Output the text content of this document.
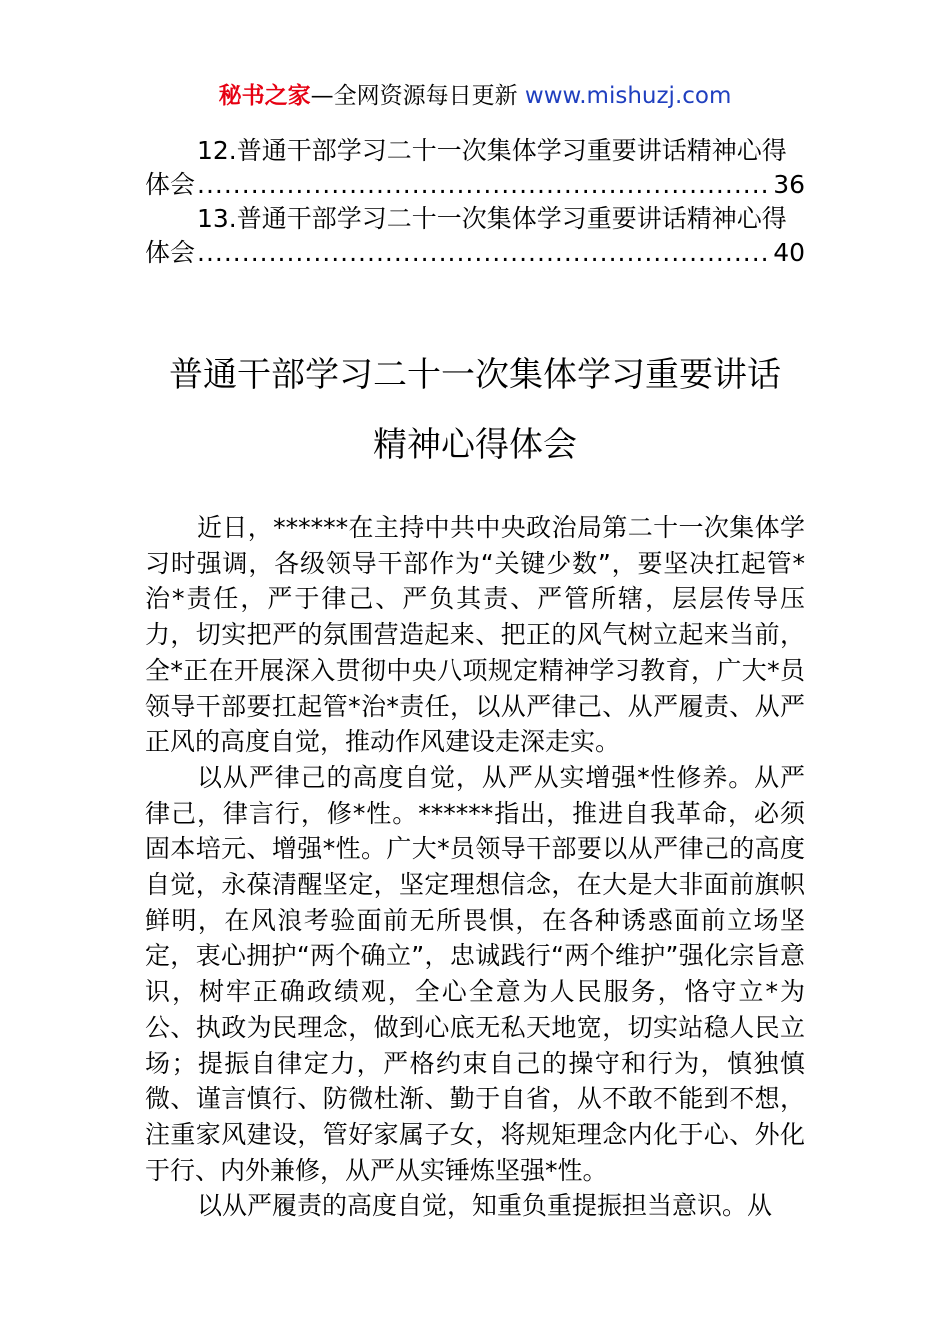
秘书之家—全网资源每日更新 www.mishuzj.com

12.普通干部学习二十一次集体学习重要讲话精神心得

体会 .....	36

13.普通干部学习二十一次集体学习重要讲话精神心得

体会 .....	40
普通干部学习二十一次集体学习重要讲话
精神心得体会

近日，******在主持中共中央政治局第二十一次集体学习时强调，各级领导干部作为“关键少数”，要坚决扛起管*治*责任，严于律己、严负其责、严管所辖，层层传导压力，切实把严的氛围营造起来、把正的风气树立起来当前，全*正在开展深入贯彻中央八项规定精神学习教育，广大*员领导干部要扛起管*治*责任，以从严律己、从严履责、从严正风的高度自觉，推动作风建设走深走实。

以从严律己的高度自觉，从严从实增强*性修养。从严律己，律言行，修*性。******指出，推进自我革命，必须固本培元、增强*性。广大*员领导干部要以从严律己的高度自觉，永葆清醒坚定，坚定理想信念，在大是大非面前旗帜鲜明，在风浪考验面前无所畏惧，在各种诱惑面前立场坚定，衷心拥护“两个确立”，忠诚践行“两个维护”强化宗旨意识，树牢正确政绩观，全心全意为人民服务，恪守立*为公、执政为民理念，做到心底无私天地宽，切实站稳人民立场；提振自律定力，严格约束自己的操守和行为，慎独慎微、谨言慎行、防微杜渐、勤于自省，从不敢不能到不想，注重家风建设，管好家属子女，将规矩理念内化于心、外化于行、内外兼修，从严从实锤炼坚强*性。

以从严履责的高度自觉，知重负重提振担当意识。从
